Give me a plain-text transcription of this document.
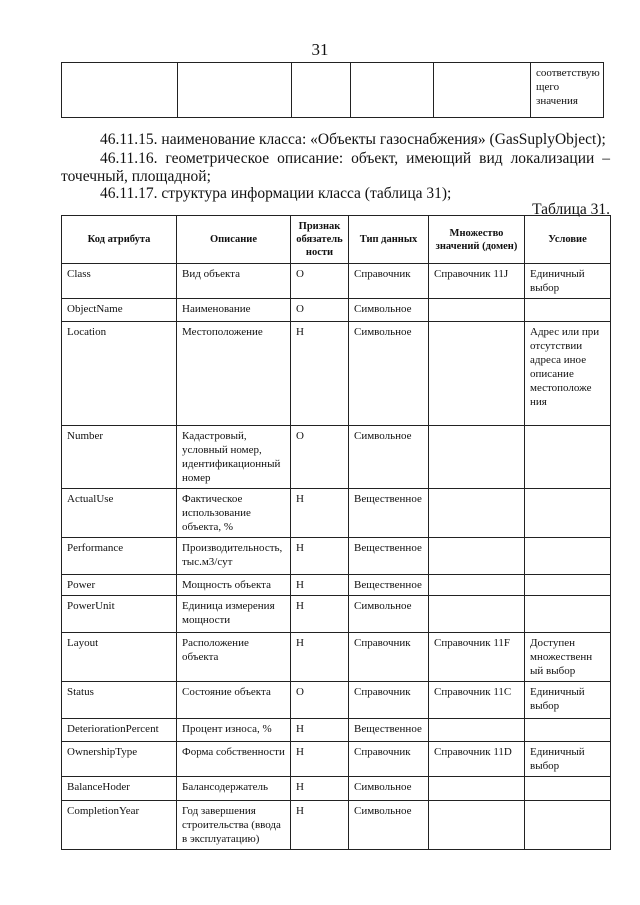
31
					соответствую щего значения
46.11.15. наименование класса: «Объекты газоснабжения» (GasSuplyObject);
46.11.16. геометрическое описание: объект, имеющий вид локализации –
точечный, площадной;
46.11.17. структура информации класса (таблица 31);
Таблица 31.
Код атрибута	Описание	Признак обязатель ности	Тип данных	Множество значений (домен)	Условие
Class	Вид объекта	О	Справочник	Справочник 11J	Единичный выбор
ObjectName	Наименование	О	Символьное		
Location	Местоположение	Н	Символьное		Адрес или при отсутствии адреса иное описание местоположе ния
Number	Кадастровый, условный номер, идентификационный номер	О	Символьное		
ActualUse	Фактическое использование объекта, %	Н	Вещественное		
Performance	Производительность, тыс.м3/сут	Н	Вещественное		
Power	Мощность объекта	Н	Вещественное		
PowerUnit	Единица измерения мощности	Н	Символьное		
Layout	Расположение объекта	Н	Справочник	Справочник 11F	Доступен множественн ый выбор
Status	Состояние объекта	О	Справочник	Справочник 11C	Единичный выбор
DeteriorationPercent	Процент износа, %	Н	Вещественное		
OwnershipType	Форма собственности	Н	Справочник	Справочник 11D	Единичный выбор
BalanceHoder	Балансодержатель	Н	Символьное		
CompletionYear	Год завершения строительства (ввода в эксплуатацию)	Н	Символьное		
